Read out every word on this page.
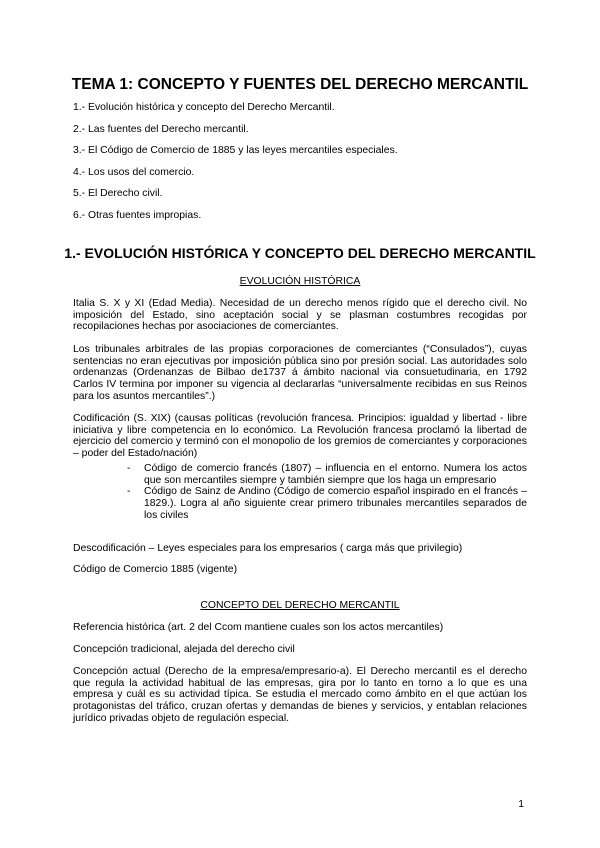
TEMA 1: CONCEPTO Y FUENTES DEL DERECHO MERCANTIL
1.- Evolución histórica y concepto del Derecho Mercantil.
2.- Las fuentes del Derecho mercantil.
3.- El Código de Comercio de 1885 y las leyes mercantiles especiales.
4.- Los usos del comercio.
5.- El Derecho civil.
6.- Otras fuentes impropias.
1.- EVOLUCIÓN HISTÓRICA Y CONCEPTO DEL DERECHO MERCANTIL

EVOLUCIÓN HISTÓRICA

Italia S. X y XI (Edad Media). Necesidad de un derecho menos rígido que el derecho civil. No imposición del Estado, sino aceptación social y se plasman costumbres recogidas por recopilaciones hechas por asociaciones de comerciantes.

Los tribunales arbitrales de las propias corporaciones de comerciantes (“Consulados”), cuyas sentencias no eran ejecutivas por imposición pública sino por presión social. Las autoridades solo ordenanzas (Ordenanzas de Bilbao de1737 á ámbito nacional via consuetudinaria, en 1792 Carlos IV termina por imponer su vigencia al declararlas “universalmente recibidas en sus Reinos para los asuntos mercantiles”.)

Codificación (S. XIX) (causas políticas (revolución francesa. Principios: igualdad y libertad - libre iniciativa y libre competencia en lo económico. La Revolución francesa proclamó la libertad de ejercicio del comercio y terminó con el monopolio de los gremios de comerciantes y corporaciones – poder del Estado/nación)

- Código de comercio francés (1807) – influencia en el entorno. Numera los actos que son mercantiles siempre y también siempre que los haga un empresario
- Código de Sainz de Andino (Código de comercio español inspirado en el francés – 1829.). Logra al año siguiente crear primero tribunales mercantiles separados de los civiles

Descodificación – Leyes especiales para los empresarios ( carga más que privilegio)

Código de Comercio 1885 (vigente)

CONCEPTO DEL DERECHO MERCANTIL

Referencia histórica (art. 2 del Ccom mantiene cuales son los actos mercantiles)

Concepción tradicional, alejada del derecho civil

Concepción actual (Derecho de la empresa/empresario-a). El Derecho mercantil es el derecho que regula la actividad habitual de las empresas, gira por lo tanto en torno a lo que es una empresa y cuál es su actividad típica. Se estudia el mercado como ámbito en el que actúan los protagonistas del tráfico, cruzan ofertas y demandas de bienes y servicios, y entablan relaciones jurídico privadas objeto de regulación especial.

1
